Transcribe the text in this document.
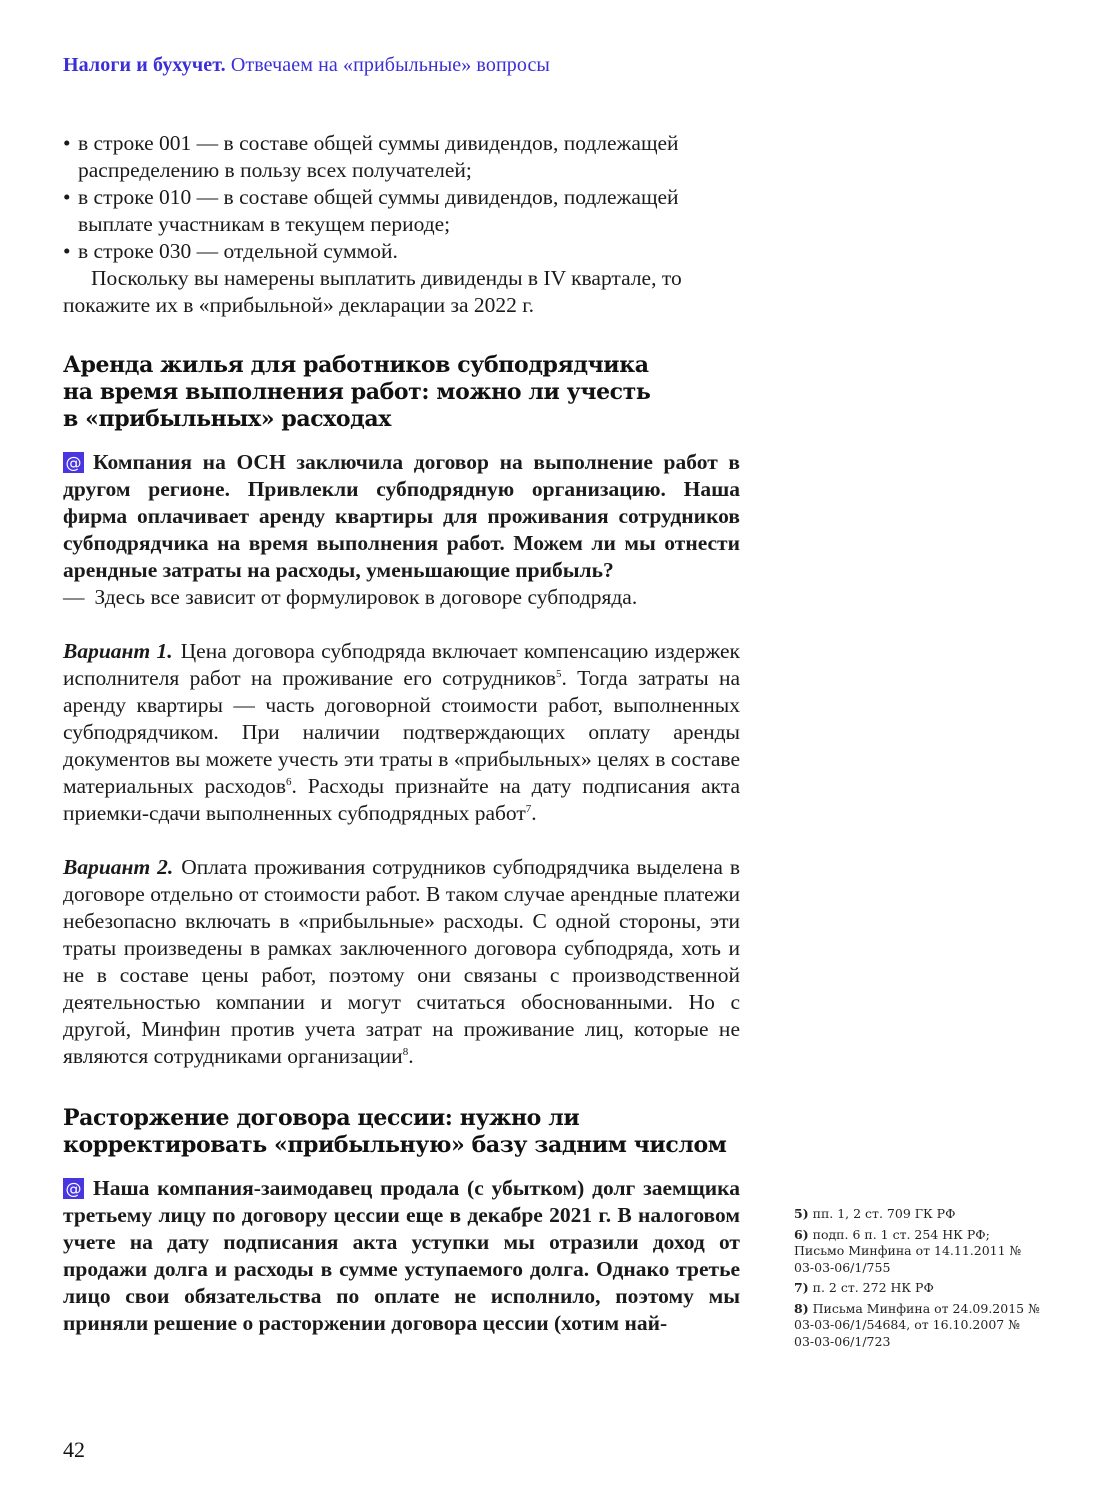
Налоги и бухучет. Отвечаем на «прибыльные» вопросы
• в строке 001 — в составе общей суммы дивидендов, подлежащей распределению в пользу всех получателей;
• в строке 010 — в составе общей суммы дивидендов, подлежащей выплате участникам в текущем периоде;
• в строке 030 — отдельной суммой.
Поскольку вы намерены выплатить дивиденды в IV квартале, то покажите их в «прибыльной» декларации за 2022 г.
Аренда жилья для работников субподрядчика
на время выполнения работ: можно ли учесть
в «прибыльных» расходах
@ Компания на ОСН заключила договор на выполнение работ в другом регионе. Привлекли субподрядную организацию. Наша фирма оплачивает аренду квартиры для проживания сотрудников субподрядчика на время выполнения работ. Можем ли мы отнести арендные затраты на расходы, уменьшающие прибыль?
— Здесь все зависит от формулировок в договоре субподряда.
Вариант 1. Цена договора субподряда включает компенсацию издержек исполнителя работ на проживание его сотрудников$^5$. Тогда затраты на аренду квартиры — часть договорной стоимости работ, выполненных субподрядчиком. При наличии подтверждающих оплату аренды документов вы можете учесть эти траты в «прибыльных» целях в составе материальных расходов$^6$. Расходы признайте на дату подписания акта приемки-сдачи выполненных субподрядных работ$^7$.
Вариант 2. Оплата проживания сотрудников субподрядчика выделена в договоре отдельно от стоимости работ. В таком случае арендные платежи небезопасно включать в «прибыльные» расходы. С одной стороны, эти траты произведены в рамках заключенного договора субподряда, хоть и не в составе цены работ, поэтому они связаны с производственной деятельностью компании и могут считаться обоснованными. Но с другой, Минфин против учета затрат на проживание лиц, которые не являются сотрудниками организации$^8$.
Расторжение договора цессии: нужно ли
корректировать «прибыльную» базу задним числом
@ Наша компания-заимодавец продала (с убытком) долг заемщика третьему лицу по договору цессии еще в декабре 2021 г. В налоговом учете на дату подписания акта уступки мы отразили доход от продажи долга и расходы в сумме уступаемого долга. Однако третье лицо свои обязательства по оплате не исполнило, поэтому мы приняли решение о расторжении договора цессии (хотим най-
5) пп. 1, 2 ст. 709 ГК РФ
6) подп. 6 п. 1 ст. 254 НК РФ; Письмо Минфина от 14.11.2011 № 03-03-06/1/755
7) п. 2 ст. 272 НК РФ
8) Письма Минфина от 24.09.2015 № 03-03-06/1/54684, от 16.10.2007 № 03-03-06/1/723
42
